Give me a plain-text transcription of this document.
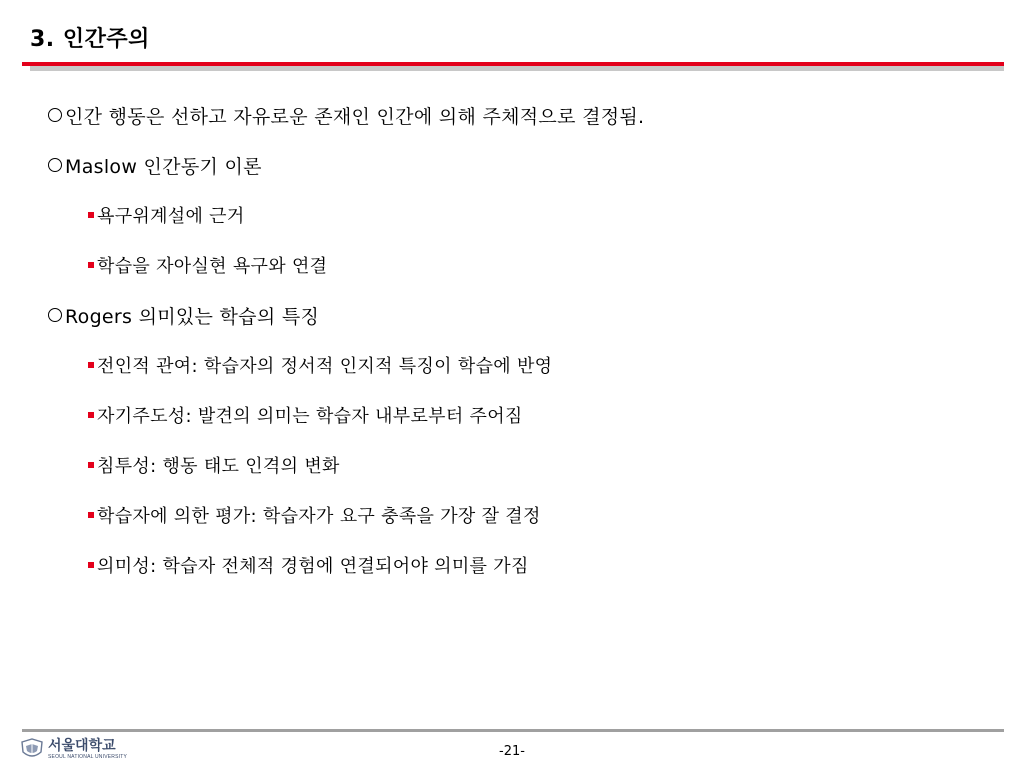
3. 인간주의
인간 행동은 선하고 자유로운 존재인 인간에 의해 주체적으로 결정됨.
Maslow 인간동기 이론
욕구위계설에 근거
학습을 자아실현 욕구와 연결
Rogers 의미있는 학습의 특징
전인적 관여: 학습자의 정서적 인지적 특징이 학습에 반영
자기주도성: 발견의 의미는 학습자 내부로부터 주어짐
침투성: 행동 태도 인격의 변화
학습자에 의한 평가: 학습자가 요구 충족을 가장 잘 결정
의미성: 학습자 전체적 경험에 연결되어야 의미를 가짐
서울대학교
SEOUL NATIONAL UNIVERSITY	-21-
